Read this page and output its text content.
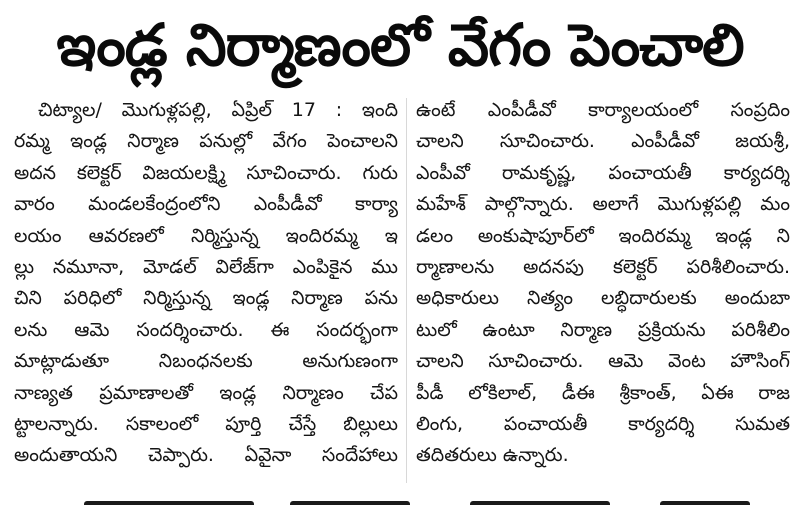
ఇండ్ల నిర్మాణంలో వేగం పెంచాలి
చిట్యాల/ మొగుళ్లపల్లి, ఏప్రిల్ 17 : ఇంది
రమ్మ ఇండ్ల నిర్మాణ పనుల్లో వేగం పెంచాలని
అదన కలెక్టర్ విజయలక్ష్మి సూచించారు. గురు
వారం మండలకేంద్రంలోని ఎంపీడీవో కార్యా
లయం ఆవరణలో నిర్మిస్తున్న ఇందిరమ్మ ఇ
ల్లు నమూనా, మోడల్ విలేజ్‌గా ఎంపికైన ము
చిని పరిధిలో నిర్మిస్తున్న ఇండ్ల నిర్మాణ పను
లను ఆమె సందర్శించారు. ఈ సందర్భంగా
మాట్లాడుతూ నిబంధనలకు అనుగుణంగా
నాణ్యత ప్రమాణాలతో ఇండ్ల నిర్మాణం చేప
ట్టాలన్నారు. సకాలంలో పూర్తి చేస్తే బిల్లులు
అందుతాయని చెప్పారు. ఏవైనా సందేహాలు
ఉంటే ఎంపీడీవో కార్యాలయంలో సంప్రదిం
చాలని సూచించారు. ఎంపీడీవో జయశ్రీ,
ఎంపీవో రామకృష్ణ, పంచాయతీ కార్యదర్శి
మహేశ్ పాల్గొన్నారు. అలాగే మొగుళ్లపల్లి మం
డలం అంకుషాపూర్‌లో ఇందిరమ్మ ఇండ్ల ని
ర్మాణాలను అదనపు కలెక్టర్ పరిశీలించారు.
అధికారులు నిత్యం లబ్ధిదారులకు అందుబా
టులో ఉంటూ నిర్మాణ ప్రక్రియను పరిశీలిం
చాలని సూచించారు. ఆమె వెంట హౌసింగ్
పీడీ లోకిలాల్, డీఈ శ్రీకాంత్, ఏఈ రాజ
లింగు, పంచాయతీ కార్యదర్శి సుమత
తదితరులు ఉన్నారు.
